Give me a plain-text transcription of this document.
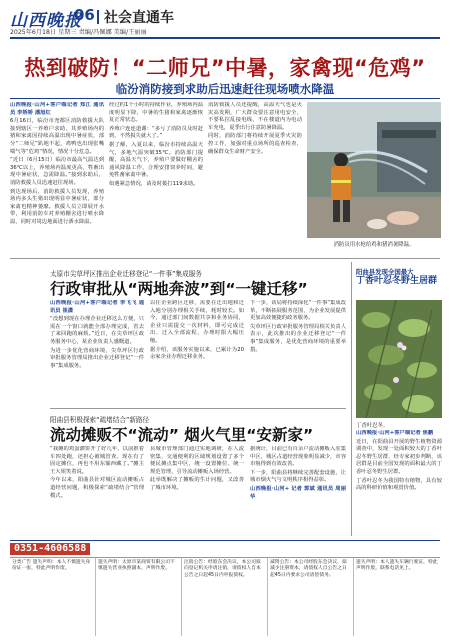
山西晚报
06 社会直通车
2025年6月18日 星期三 责编/冯佩娜 美编/王丽丽
热到破防！“二师兄”中暑，家禽现“危鸡”
临汾消防接到求助后迅速赶往现场喷水降温

山西晚报·山河+客户端记者 郑江 通讯员 李娇娇 潘旭红

6月16日，临汾市尧都区消防救援大队接到辖区一养殖户求助，其养殖场内的猪和家禽因持续高温出现中暑症状，部分“二师兄”趴地不起，鸡鸭也出现张嘴喘气等“危鸡”情况，情况十分危急。

“近日（6月15日）临汾市最高气温达到36℃以上，养殖场内温度更高，牲畜出现中暑症状，急需降温。”接到求助后，消防救援人员迅速赶往现场。

到达现场后，消防救援人员发现，养殖场内多头生猪出现明显中暑症状，部分家禽也精神萎靡。救援人员立即展开水带，利用消防车对养殖棚舍进行喷水降温，同时对周边地面进行洒水降温。

经过约1个小时的持续作业，养殖场内温度明显下降，中暑的生猪和家禽逐渐恢复正常状态。

养殖户连连道谢：“多亏了消防员及时赶到，不然损失就大了。”

据了解，入夏以来，临汾市持续高温天气，多地气温突破35℃。消防部门提醒，高温天气下，养殖户要做好棚舍的通风降温工作，合理安排饲养时间，避免牲畜家禽中暑。

如遇紧急情况，请及时拨打119求助。

消防救援人员还提醒，高温天气也是火灾高发期，广大群众要注意用电安全，不要私拉乱接电线，不在楼道内为电动车充电，夏季出行注意防暑降温。

同时，消防部门将持续开展夏季火灾防控工作，加强对重点场所的巡查检查，确保群众生命财产安全。

消防员用水枪给鸡和猪消暑降温。
太原市尖草坪区推出企业迁移登记“一件事”集成服务
行政审批从“两地奔波”到“一键迁移”

山西晚报·山河+客户端记者 李飞飞 通讯员 崔潇

“没想到现在办理企业迁移这么方便，只需在一个窗口就能全部办理完成，省去了来回跑的麻烦。”近日，在尖草坪区政务服务中心，某企业负责人感慨道。

为进一步优化营商环境，尖草坪区行政审批服务管理局推出企业迁移登记“一件事”集成服务。

以往企业跨区迁移，需要在迁出地和迁入地分别办理相关手续，耗时较长。如今，通过部门间数据共享和业务协同，企业只需提交一次材料，即可完成迁出、迁入全部流程，办理时限大幅压缩。

据介绍，该服务实施以来，已累计为20余家企业办理迁移业务。

下一步，该局将持续深化“一件事”集成改革，不断拓展服务范围，为企业发展提供更加高效便捷的政务服务。

尖草坪区行政审批服务管理局相关负责人表示，此次推出的企业迁移登记“一件事”集成服务，是优化营商环境的重要举措。

阳曲县积极探索“疏堵结合”新路径
流动摊贩不“流动” 烟火气里“安新家”

“我摊的鸡蛋灌饼开了好几年，以前推着车四处跑，还担心被城管查。现在有了固定摊位，再也不用东躲西藏了。”摊主王大姐笑着说。

今年以来，阳曲县针对城区流动摊贩占道经营问题，积极探索“疏堵结合”管理模式。

县城市管理部门通过实地调研，在人流密集、交通便利的区域规划设置了多个便民摊点集中区，统一设置摊位、统一规范管理，引导流动摊贩入场经营。

此举既解决了摊贩的生计问题，又改善了城市环境。

据统计，目前已有百余户流动摊贩入驻集中区，城区占道经营现象明显减少，市容市貌得到有效改善。

下一步，阳曲县将继续完善配套设施，让城市烟火气与文明秩序相得益彰。

山西晚报·山河+ 记者 郭斌 通讯员 周丽华

阳曲县发现全国最大
丁香叶忍冬野生居群
丁香叶忍冬。

山西晚报·山河+客户端记者 焦鹏

近日，在阳曲县开展的野生植物资源调查中，发现一处面积较大的丁香叶忍冬野生居群，经专家初步判断，该居群是目前全国发现的面积最大的丁香叶忍冬野生居群。

丁香叶忍冬为我国特有植物，具有较高的科研价值和观赏价值。

0351-4606588
分类广告 遗失声明：本人不慎遗失身份证一张，特此声明作废。
遗失声明：太原市某商贸有限公司不慎遗失营业执照副本，声明作废。
注销公告：经股东会决议，本公司拟向登记机关申请注销，请债权人自本公告之日起45日内申报债权。
减资公告：本公司经股东会决议，拟减少注册资本，请债权人自公告之日起45日内要求公司清偿债务。
遗失声明：本人遗失车辆行驶证，特此声明作废。联系电话见上。
